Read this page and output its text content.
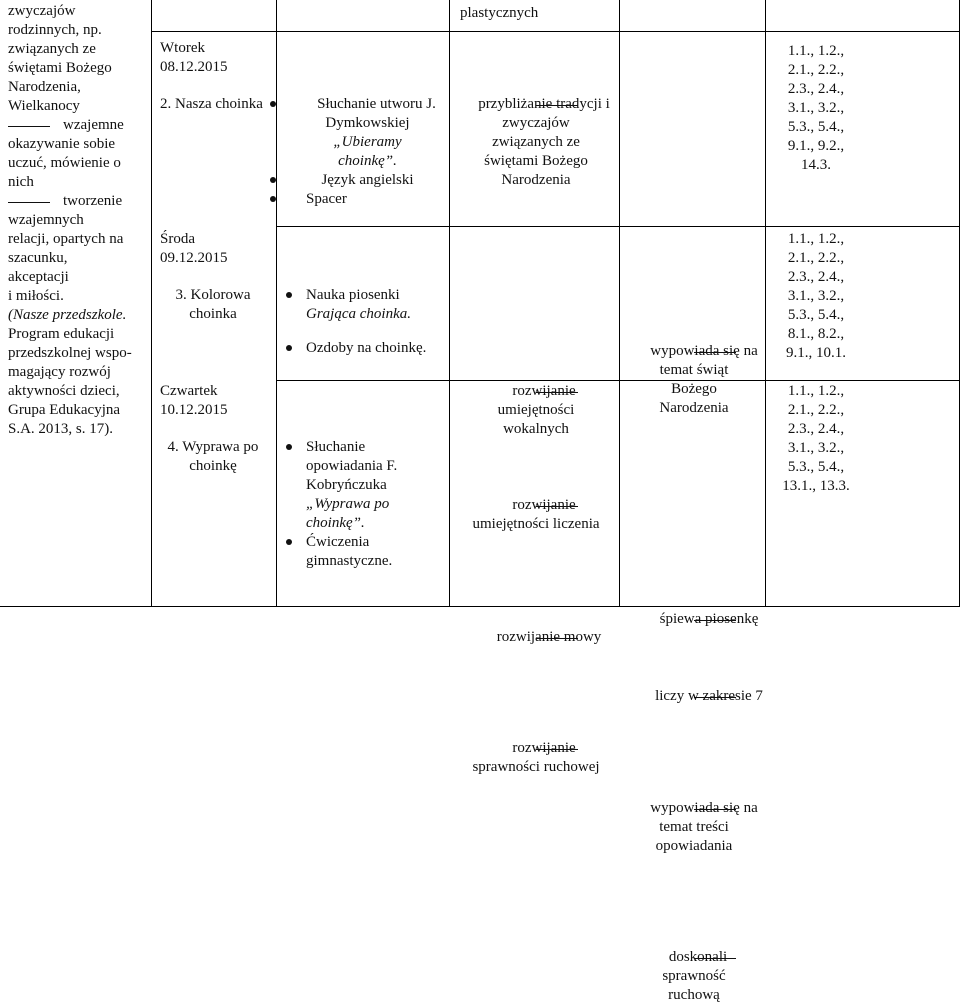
zwyczajów
rodzinnych, np.
związanych ze
świętami Bożego
Narodzenia,
Wielkanocy
wzajemne
okazywanie sobie
uczuć, mówienie o
nich
tworzenie
wzajemnych
relacji, opartych na
szacunku,
akceptacji
i miłości.
(Nasze przedszkole.
Program edukacji
przedszkolnej wspo-
magający rozwój
aktywności dzieci,
Grupa Edukacyjna
S.A. 2013, s. 17).
Wtorek
08.12.2015
2. Nasza choinka
Środa
09.12.2015
3. Kolorowa
choinka
Czwartek
10.12.2015
4. Wyprawa po
choinkę
Słuchanie utworu J.
Dymkowskiej
„Ubieramy
choinkę”.
Język angielski
Spacer
Nauka piosenki
Grająca choinka.
Ozdoby na choinkę.
Słuchanie
opowiadania F.
Kobryńczuka
„Wyprawa po
choinkę”.
Ćwiczenia
gimnastyczne.
plastycznych
przybliżanie tradycji i
zwyczajów
związanych ze
świętami Bożego
Narodzenia
rozwijanie
umiejętności
wokalnych
rozwijanie
umiejętności liczenia
rozwijanie mowy
rozwijanie
sprawności ruchowej
wypowiada się na
temat świąt
Bożego
Narodzenia
śpiewa piosenkę
liczy w zakresie 7
wypowiada się na
temat treści
opowiadania
doskonali
sprawność
ruchową
1.1., 1.2.,
2.1., 2.2.,
2.3., 2.4.,
3.1., 3.2.,
5.3., 5.4.,
9.1., 9.2.,
14.3.
1.1., 1.2.,
2.1., 2.2.,
2.3., 2.4.,
3.1., 3.2.,
5.3., 5.4.,
8.1., 8.2.,
9.1., 10.1.
1.1., 1.2.,
2.1., 2.2.,
2.3., 2.4.,
3.1., 3.2.,
5.3., 5.4.,
13.1., 13.3.
